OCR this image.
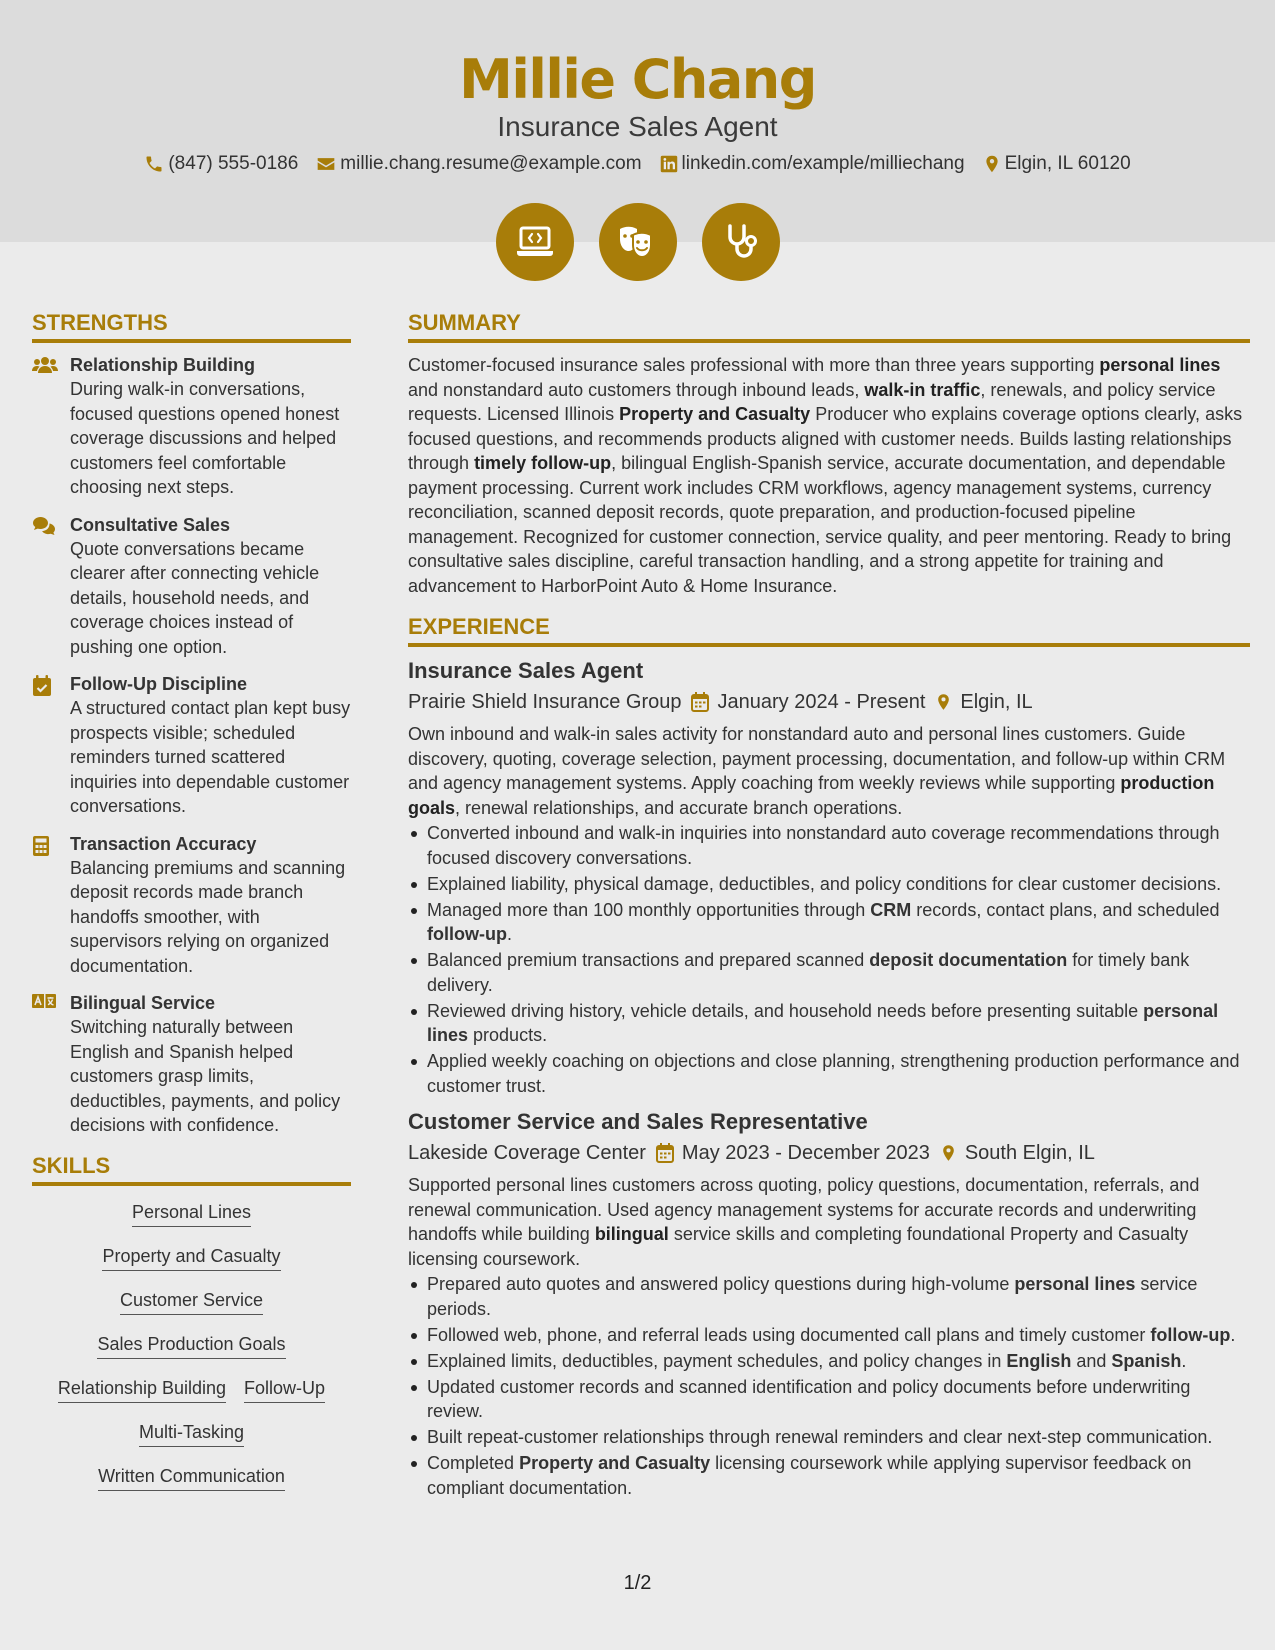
Millie Chang
Insurance Sales Agent
(847) 555-0186 millie.chang.resume@example.com linkedin.com/example/milliechang Elgin, IL 60120
STRENGTHS
Relationship Building
During walk-in conversations, focused questions opened honest coverage discussions and helped customers feel comfortable choosing next steps.
Consultative Sales
Quote conversations became clearer after connecting vehicle details, household needs, and coverage choices instead of pushing one option.
Follow-Up Discipline
A structured contact plan kept busy prospects visible; scheduled reminders turned scattered inquiries into dependable customer conversations.
Transaction Accuracy
Balancing premiums and scanning deposit records made branch handoffs smoother, with supervisors relying on organized documentation.
Bilingual Service
Switching naturally between English and Spanish helped customers grasp limits, deductibles, payments, and policy decisions with confidence.
SKILLS
Personal Lines
Property and Casualty
Customer Service
Sales Production Goals
Relationship Building Follow-Up
Multi-Tasking
Written Communication
SUMMARY
Customer-focused insurance sales professional with more than three years supporting personal lines and nonstandard auto customers through inbound leads, walk-in traffic, renewals, and policy service requests. Licensed Illinois Property and Casualty Producer who explains coverage options clearly, asks focused questions, and recommends products aligned with customer needs. Builds lasting relationships through timely follow-up, bilingual English-Spanish service, accurate documentation, and dependable payment processing. Current work includes CRM workflows, agency management systems, currency reconciliation, scanned deposit records, quote preparation, and production-focused pipeline management. Recognized for customer connection, service quality, and peer mentoring. Ready to bring consultative sales discipline, careful transaction handling, and a strong appetite for training and advancement to HarborPoint Auto & Home Insurance.
EXPERIENCE
Insurance Sales Agent
Prairie Shield Insurance Group January 2024 - Present Elgin, IL
Own inbound and walk-in sales activity for nonstandard auto and personal lines customers. Guide discovery, quoting, coverage selection, payment processing, documentation, and follow-up within CRM and agency management systems. Apply coaching from weekly reviews while supporting production goals, renewal relationships, and accurate branch operations.
Converted inbound and walk-in inquiries into nonstandard auto coverage recommendations through focused discovery conversations.
Explained liability, physical damage, deductibles, and policy conditions for clear customer decisions.
Managed more than 100 monthly opportunities through CRM records, contact plans, and scheduled follow-up.
Balanced premium transactions and prepared scanned deposit documentation for timely bank delivery.
Reviewed driving history, vehicle details, and household needs before presenting suitable personal lines products.
Applied weekly coaching on objections and close planning, strengthening production performance and customer trust.
Customer Service and Sales Representative
Lakeside Coverage Center May 2023 - December 2023 South Elgin, IL
Supported personal lines customers across quoting, policy questions, documentation, referrals, and renewal communication. Used agency management systems for accurate records and underwriting handoffs while building bilingual service skills and completing foundational Property and Casualty licensing coursework.
Prepared auto quotes and answered policy questions during high-volume personal lines service periods.
Followed web, phone, and referral leads using documented call plans and timely customer follow-up.
Explained limits, deductibles, payment schedules, and policy changes in English and Spanish.
Updated customer records and scanned identification and policy documents before underwriting review.
Built repeat-customer relationships through renewal reminders and clear next-step communication.
Completed Property and Casualty licensing coursework while applying supervisor feedback on compliant documentation.
1/2
